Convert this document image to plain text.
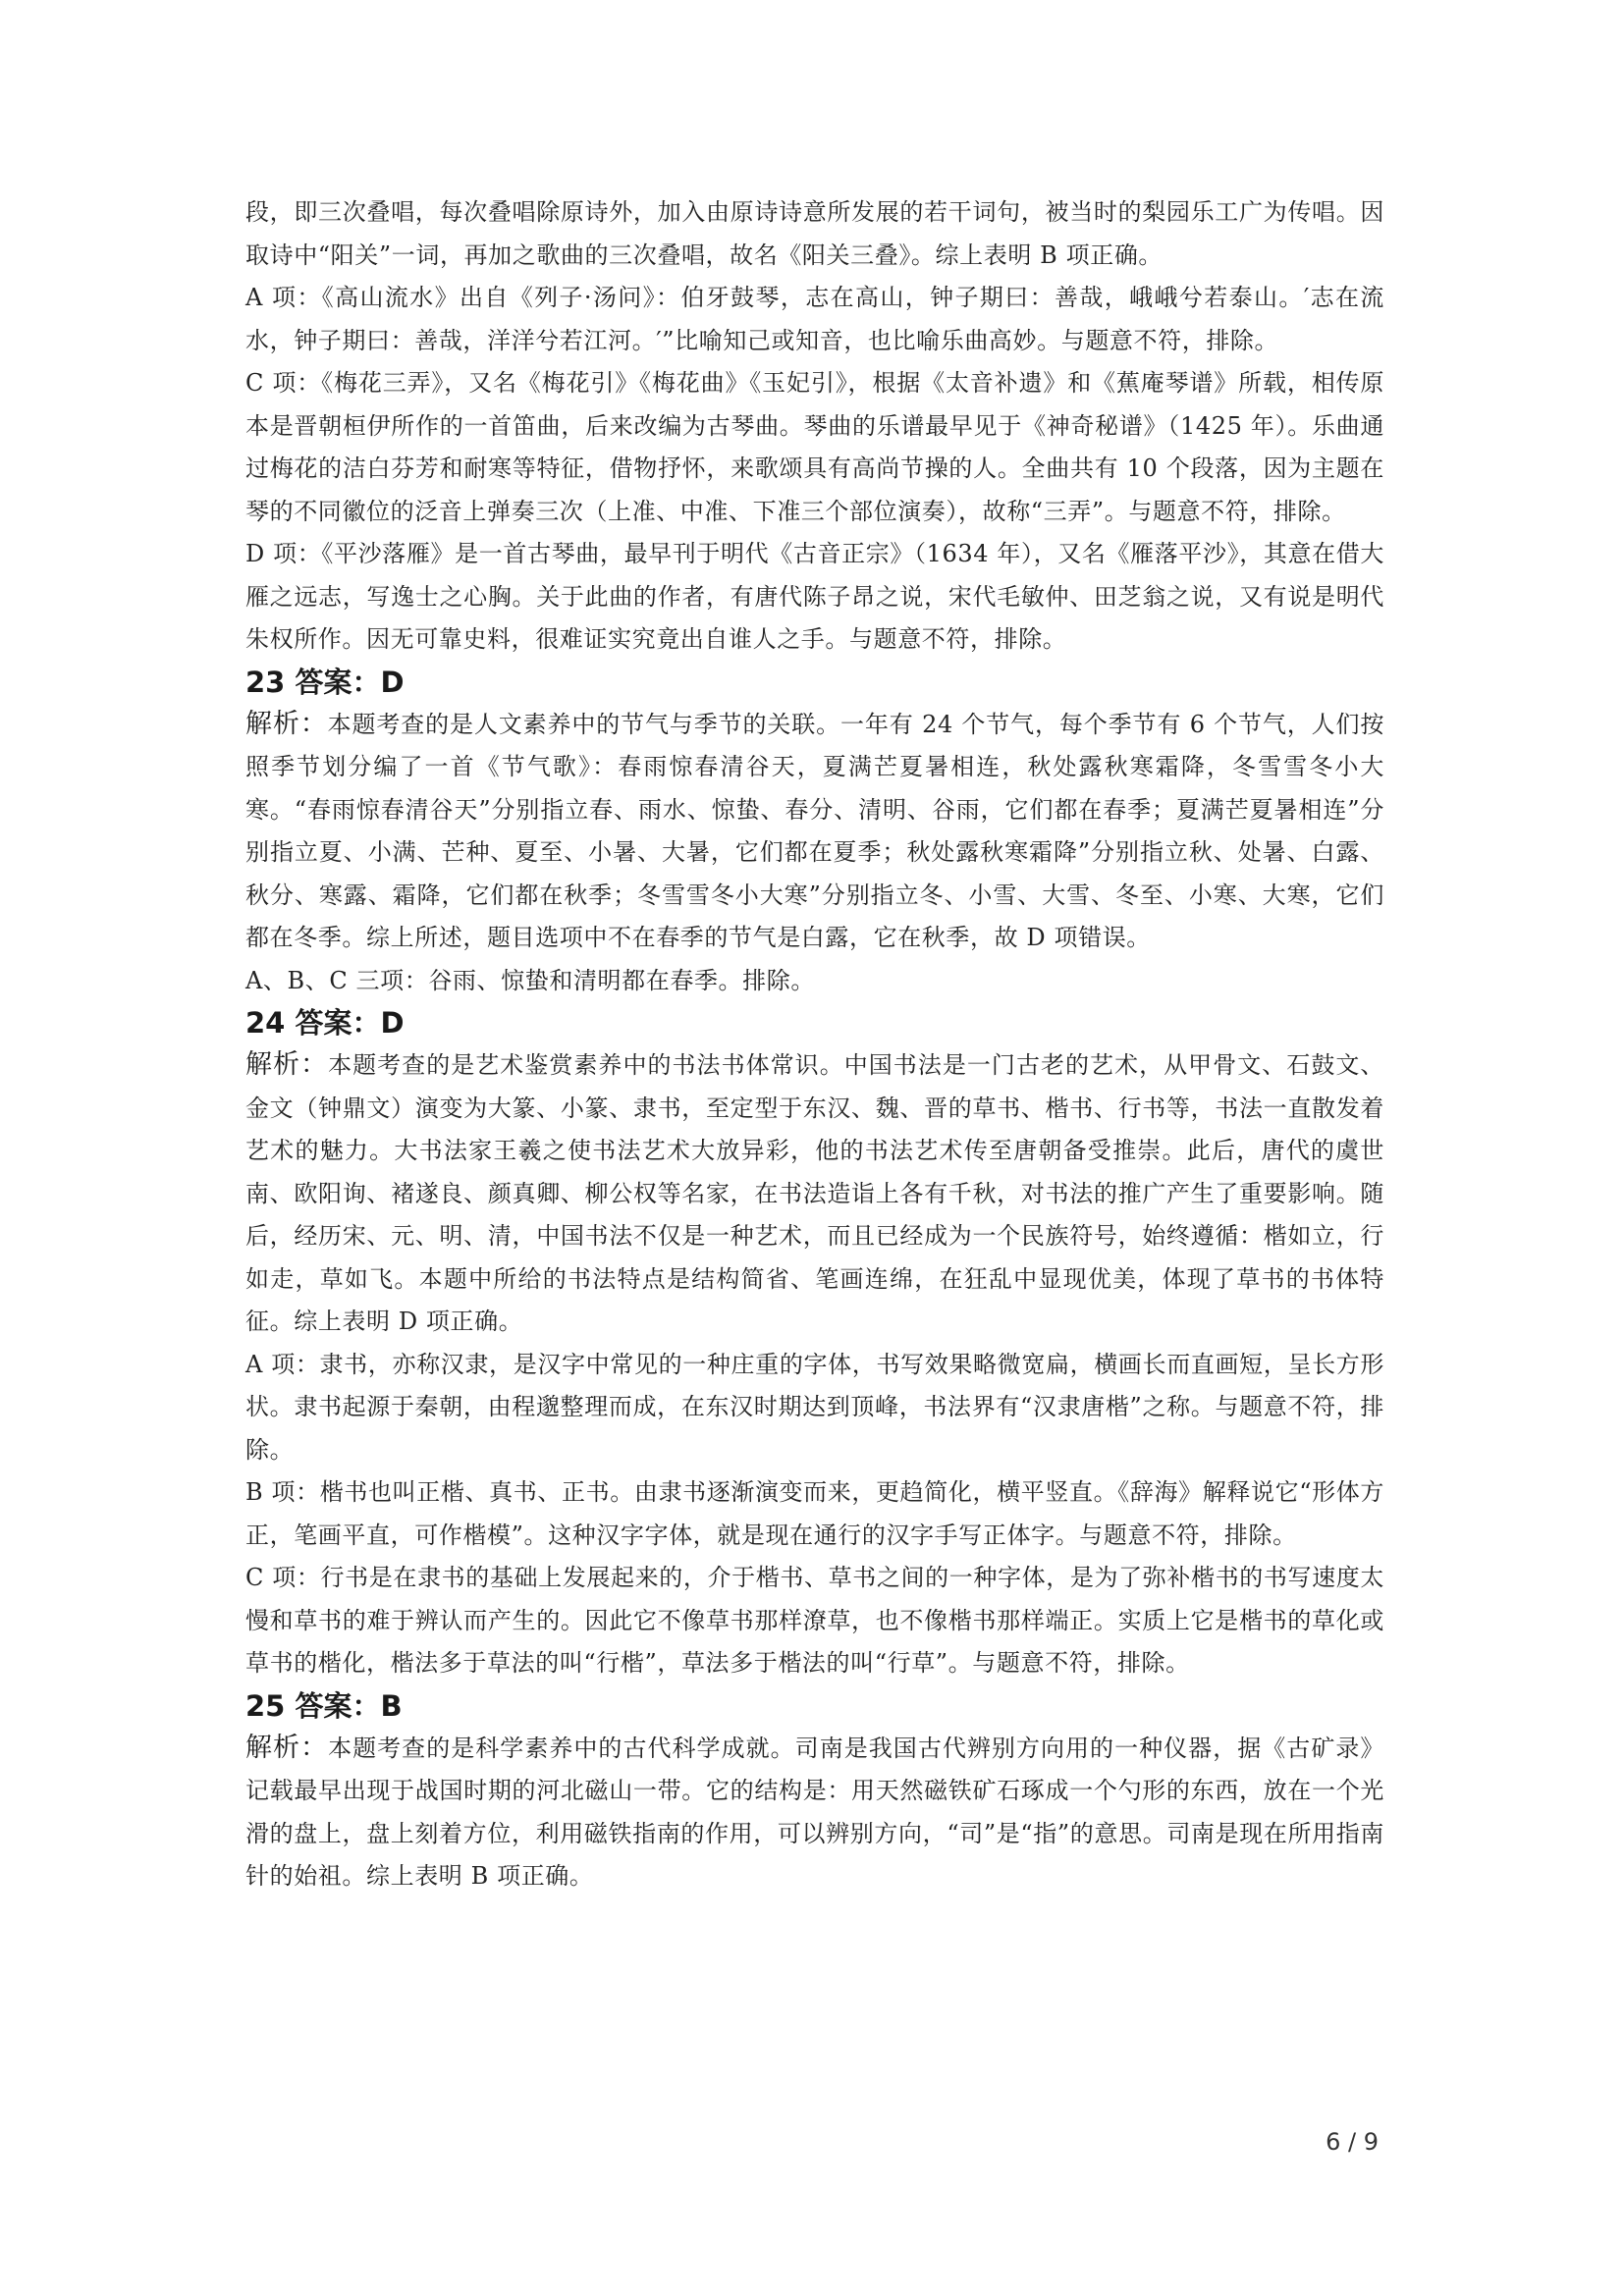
段，即三次叠唱，每次叠唱除原诗外，加入由原诗诗意所发展的若干词句，被当时的梨园乐工广为传唱。因取诗中“阳关”一词，再加之歌曲的三次叠唱，故名《阳关三叠》。综上表明 B 项正确。

A 项：《高山流水》出自《列子·汤问》：伯牙鼓琴，志在高山，钟子期曰：善哉，峨峨兮若泰山。′志在流水，钟子期曰：善哉，洋洋兮若江河。′”比喻知己或知音，也比喻乐曲高妙。与题意不符，排除。

C 项：《梅花三弄》，又名《梅花引》《梅花曲》《玉妃引》，根据《太音补遗》和《蕉庵琴谱》所载，相传原本是晋朝桓伊所作的一首笛曲，后来改编为古琴曲。琴曲的乐谱最早见于《神奇秘谱》（1425 年）。乐曲通过梅花的洁白芬芳和耐寒等特征，借物抒怀，来歌颂具有高尚节操的人。全曲共有 10 个段落，因为主题在琴的不同徽位的泛音上弹奏三次（上准、中准、下准三个部位演奏），故称“三弄”。与题意不符，排除。

D 项：《平沙落雁》是一首古琴曲，最早刊于明代《古音正宗》（1634 年），又名《雁落平沙》，其意在借大雁之远志，写逸士之心胸。关于此曲的作者，有唐代陈子昂之说，宋代毛敏仲、田芝翁之说，又有说是明代朱权所作。因无可靠史料，很难证实究竟出自谁人之手。与题意不符，排除。

23 答案：D

解析：本题考查的是人文素养中的节气与季节的关联。一年有 24 个节气，每个季节有 6 个节气，人们按照季节划分编了一首《节气歌》：春雨惊春清谷天，夏满芒夏暑相连，秋处露秋寒霜降，冬雪雪冬小大寒。“春雨惊春清谷天”分别指立春、雨水、惊蛰、春分、清明、谷雨，它们都在春季；夏满芒夏暑相连”分别指立夏、小满、芒种、夏至、小暑、大暑，它们都在夏季；秋处露秋寒霜降”分别指立秋、处暑、白露、秋分、寒露、霜降，它们都在秋季；冬雪雪冬小大寒”分别指立冬、小雪、大雪、冬至、小寒、大寒，它们都在冬季。综上所述，题目选项中不在春季的节气是白露，它在秋季，故 D 项错误。

A、B、C 三项：谷雨、惊蛰和清明都在春季。排除。

24 答案：D

解析：本题考查的是艺术鉴赏素养中的书法书体常识。中国书法是一门古老的艺术，从甲骨文、石鼓文、金文（钟鼎文）演变为大篆、小篆、隶书，至定型于东汉、魏、晋的草书、楷书、行书等，书法一直散发着艺术的魅力。大书法家王羲之使书法艺术大放异彩，他的书法艺术传至唐朝备受推崇。此后，唐代的虞世南、欧阳询、褚遂良、颜真卿、柳公权等名家，在书法造诣上各有千秋，对书法的推广产生了重要影响。随后，经历宋、元、明、清，中国书法不仅是一种艺术，而且已经成为一个民族符号，始终遵循：楷如立，行如走，草如飞。本题中所给的书法特点是结构简省、笔画连绵，在狂乱中显现优美，体现了草书的书体特征。综上表明 D 项正确。

A 项：隶书，亦称汉隶，是汉字中常见的一种庄重的字体，书写效果略微宽扁，横画长而直画短，呈长方形状。隶书起源于秦朝，由程邈整理而成，在东汉时期达到顶峰，书法界有“汉隶唐楷”之称。与题意不符，排除。

B 项：楷书也叫正楷、真书、正书。由隶书逐渐演变而来，更趋简化，横平竖直。《辞海》解释说它“形体方正，笔画平直，可作楷模”。这种汉字字体，就是现在通行的汉字手写正体字。与题意不符，排除。

C 项：行书是在隶书的基础上发展起来的，介于楷书、草书之间的一种字体，是为了弥补楷书的书写速度太慢和草书的难于辨认而产生的。因此它不像草书那样潦草，也不像楷书那样端正。实质上它是楷书的草化或草书的楷化，楷法多于草法的叫“行楷”，草法多于楷法的叫“行草”。与题意不符，排除。

25 答案：B

解析：本题考查的是科学素养中的古代科学成就。司南是我国古代辨别方向用的一种仪器，据《古矿录》记载最早出现于战国时期的河北磁山一带。它的结构是：用天然磁铁矿石琢成一个勺形的东西，放在一个光滑的盘上，盘上刻着方位，利用磁铁指南的作用，可以辨别方向，“司”是“指”的意思。司南是现在所用指南针的始祖。综上表明 B 项正确。

6 / 9
